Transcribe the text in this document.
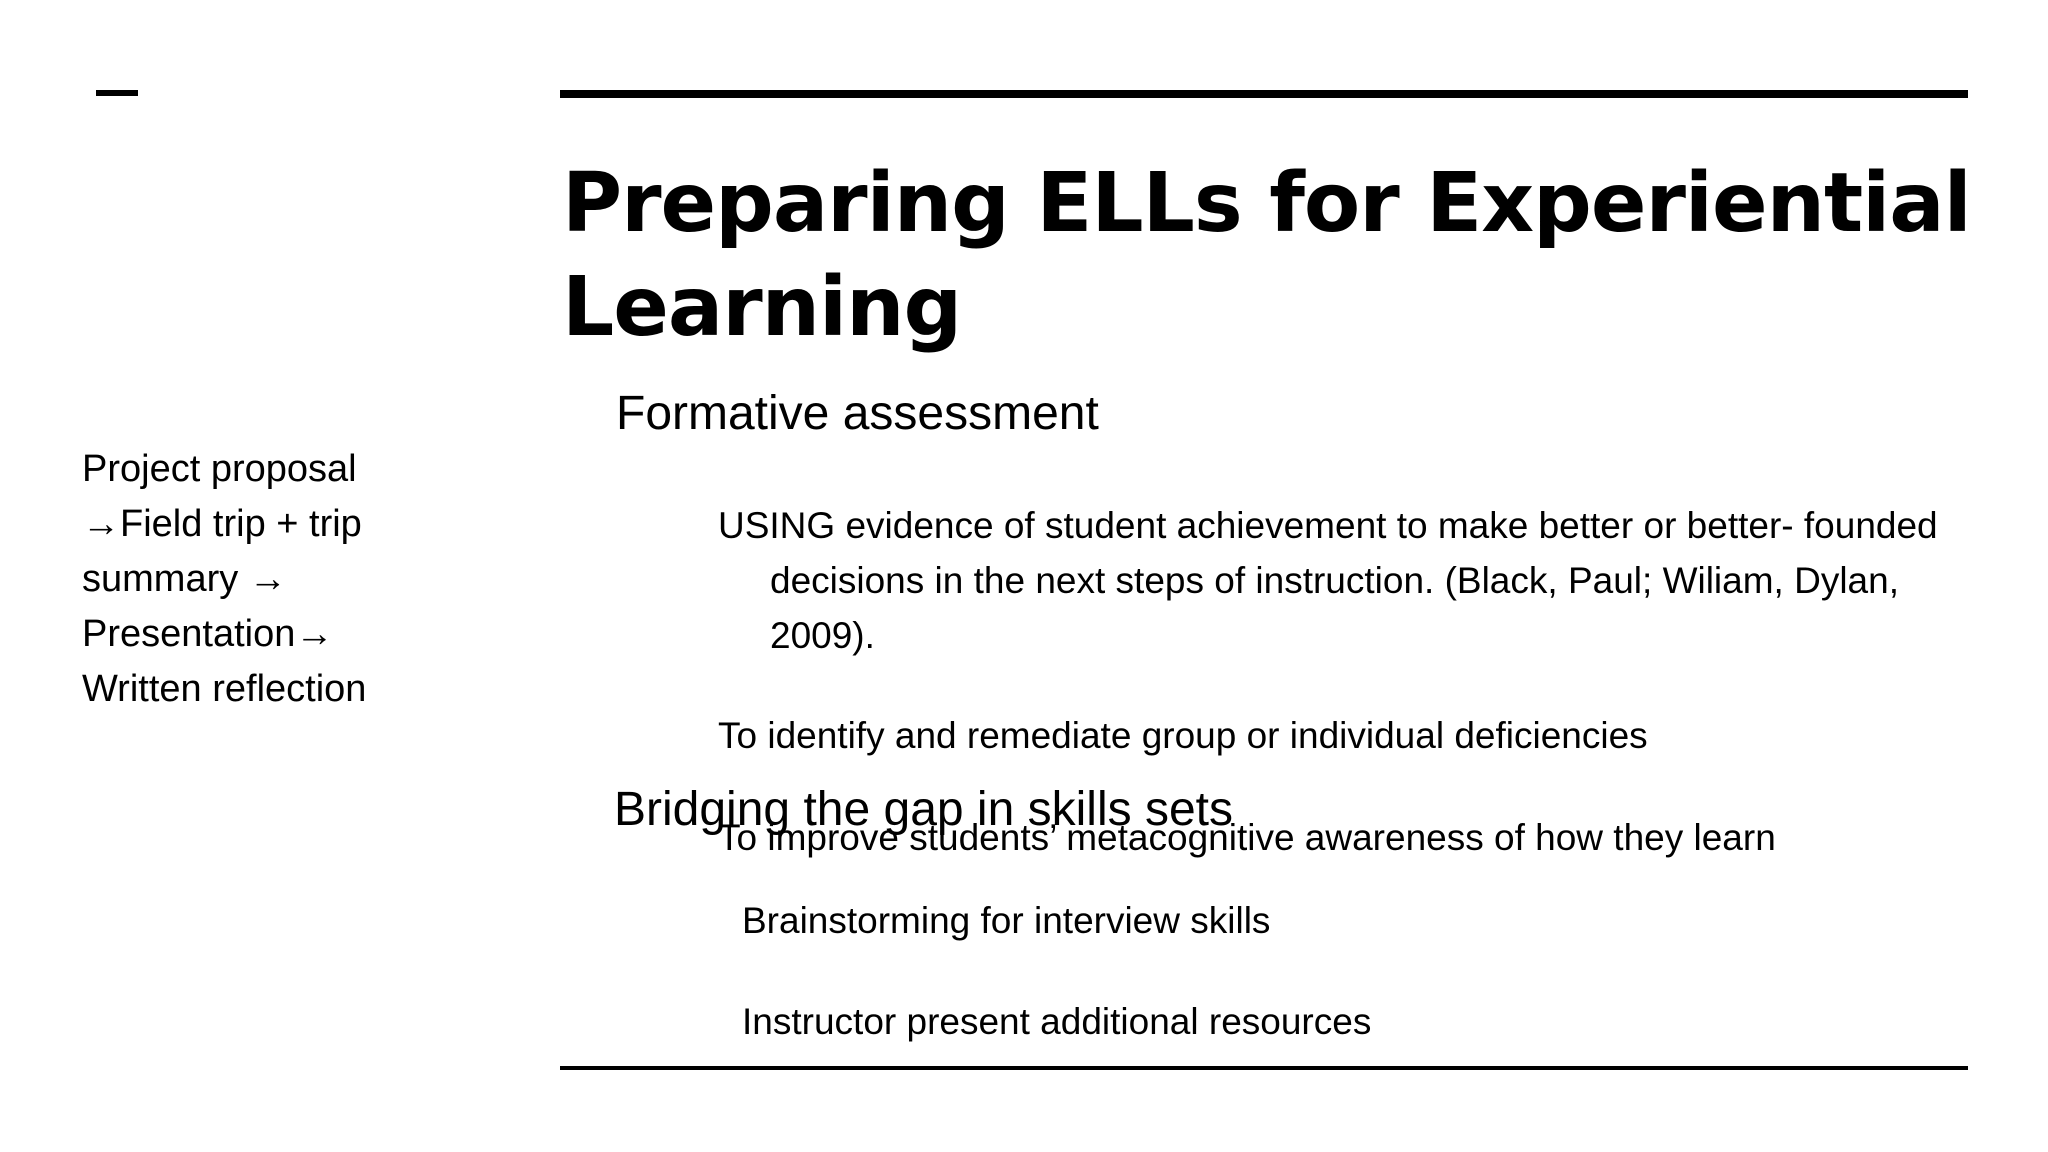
Preparing ELLs for Experiential Learning
Project proposal
→Field trip + trip
summary →
Presentation→
Written reflection
Formative assessment

USING evidence of student achievement to make better or better- founded decisions in the next steps of instruction. (Black, Paul; Wiliam, Dylan, 2009).

To identify and remediate group or individual deficiencies

Bridging the gap in skills sets

To improve students’ metacognitive awareness of how they learn

Brainstorming for interview skills

Instructor present additional resources
